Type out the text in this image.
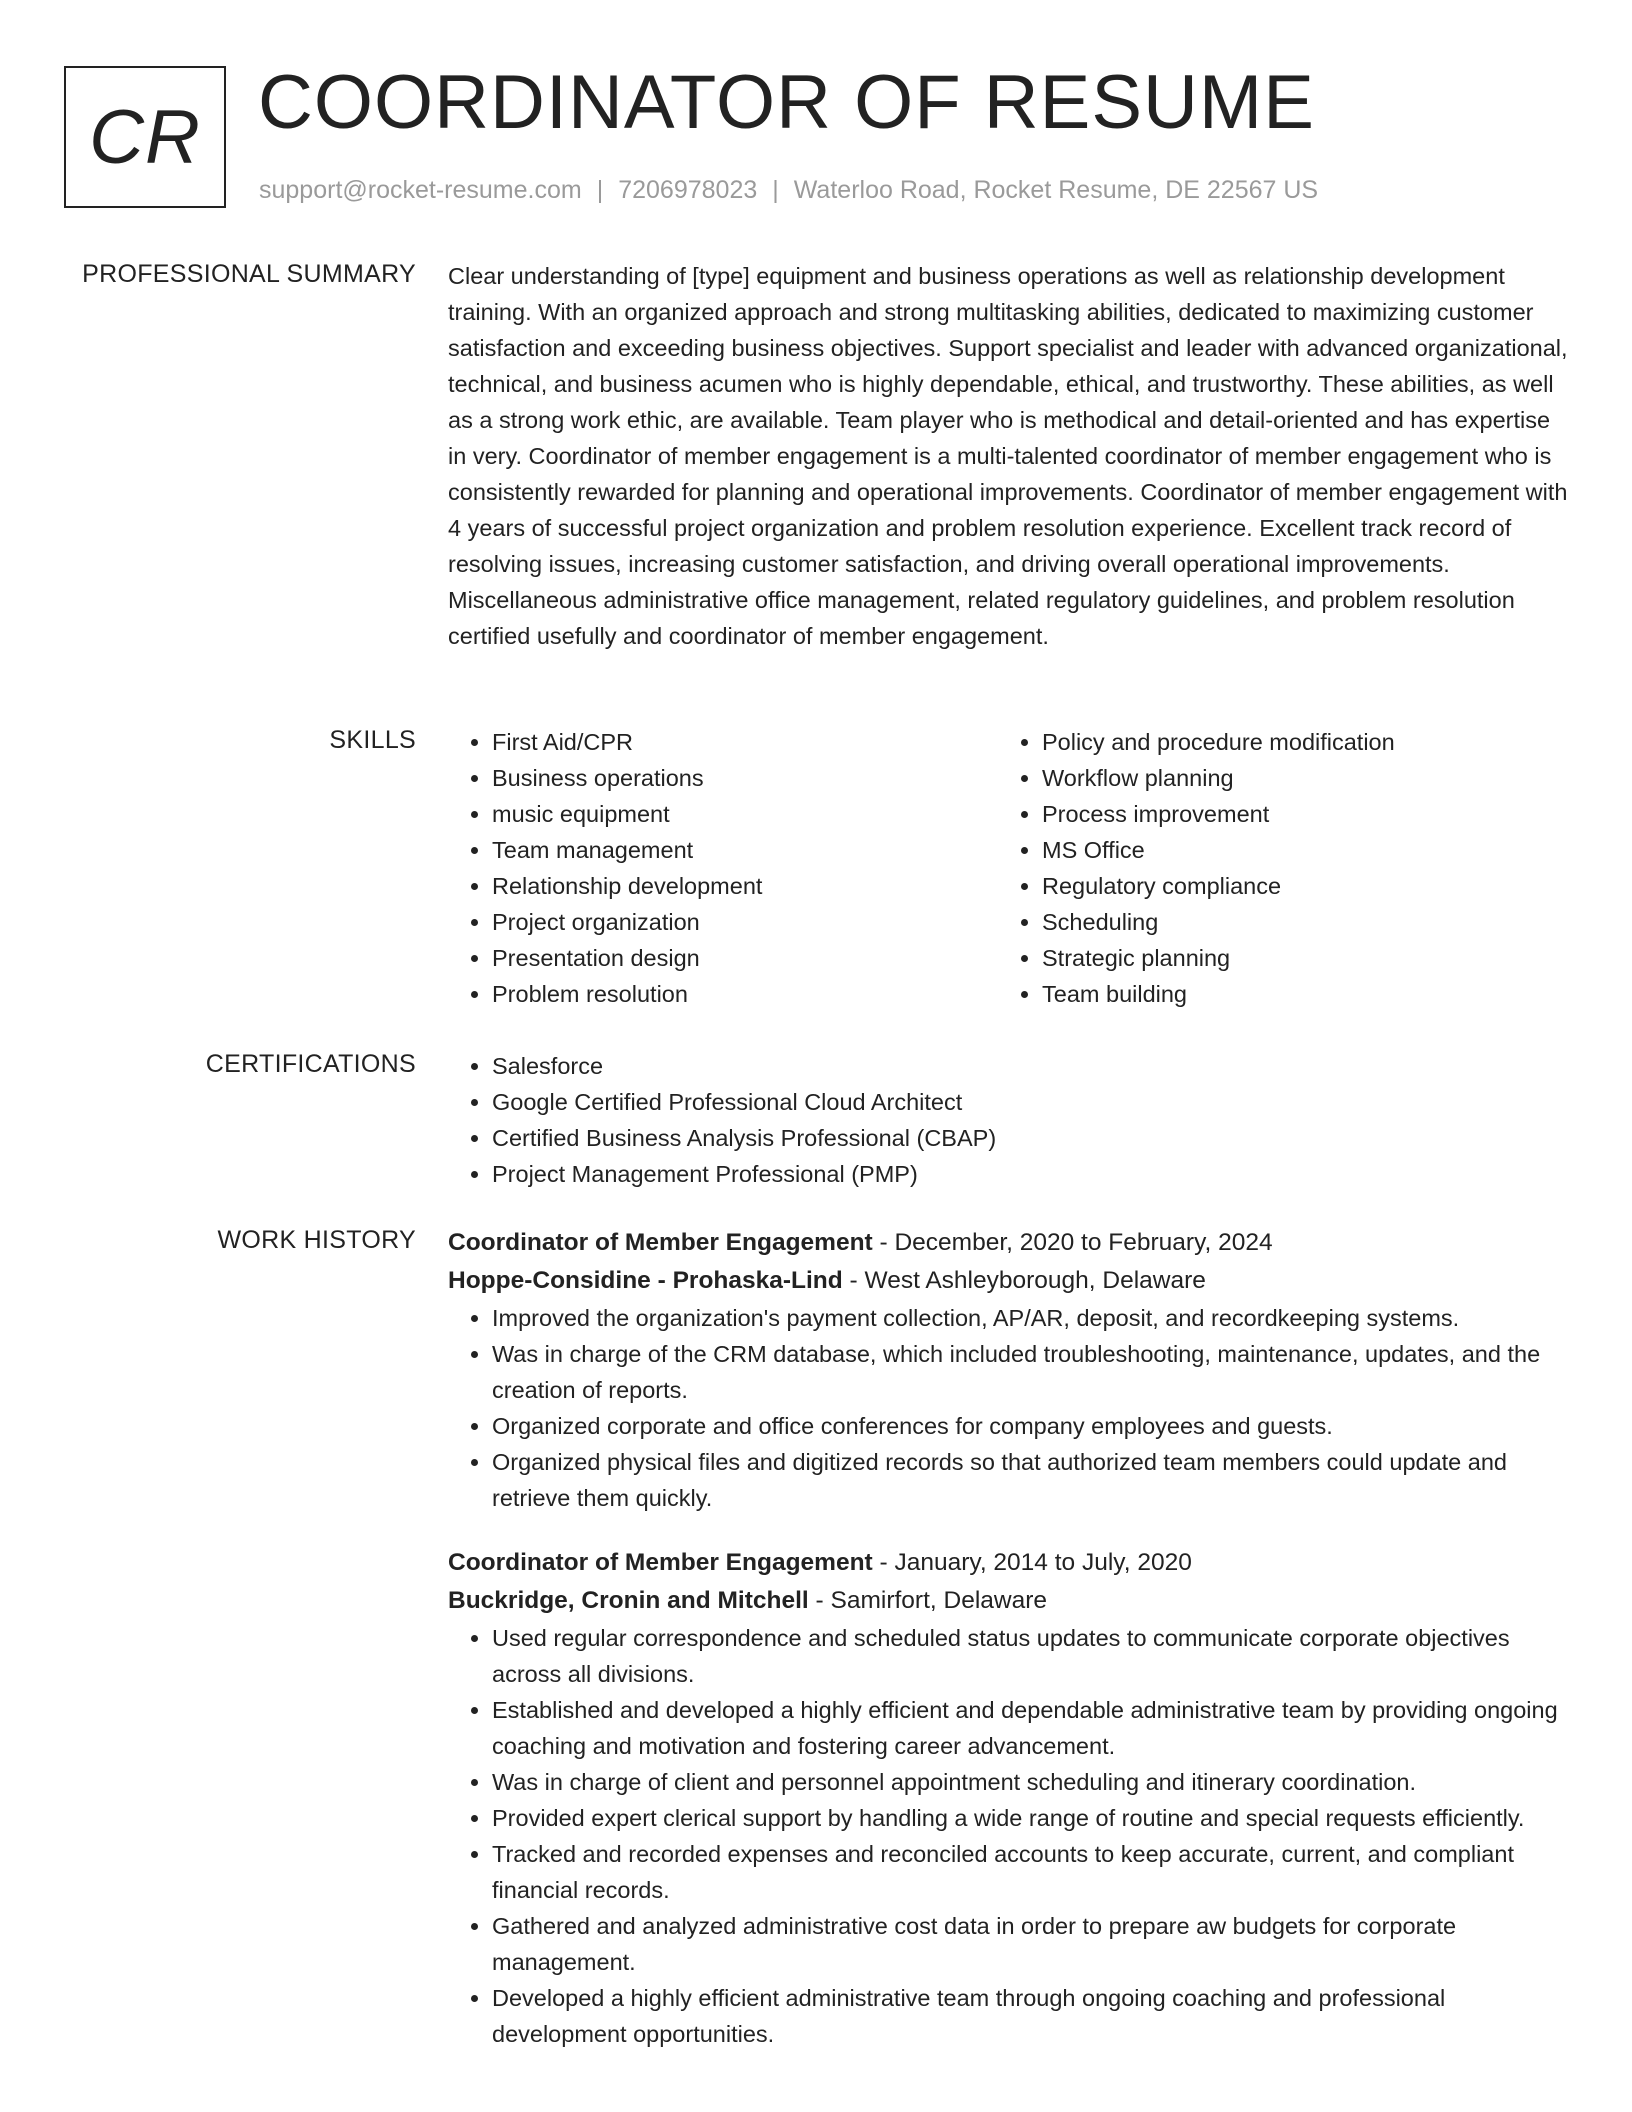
CR COORDINATOR OF RESUME
support@rocket-resume.com | 7206978023 | Waterloo Road, Rocket Resume, DE 22567 US
PROFESSIONAL SUMMARY Clear understanding of [type] equipment and business operations as well as relationship development training. With an organized approach and strong multitasking abilities, dedicated to maximizing customer satisfaction and exceeding business objectives. Support specialist and leader with advanced organizational, technical, and business acumen who is highly dependable, ethical, and trustworthy. These abilities, as well as a strong work ethic, are available. Team player who is methodical and detail-oriented and has expertise in very. Coordinator of member engagement is a multi-talented coordinator of member engagement who is consistently rewarded for planning and operational improvements. Coordinator of member engagement with 4 years of successful project organization and problem resolution experience. Excellent track record of resolving issues, increasing customer satisfaction, and driving overall operational improvements. Miscellaneous administrative office management, related regulatory guidelines, and problem resolution certified usefully and coordinator of member engagement.

SKILLS	• First Aid/CPR
• Business operations
• music equipment
• Team management
• Relationship development
• Project organization
• Presentation design
• Problem resolution
• Policy and procedure modification
• Workflow planning
• Process improvement
• MS Office
• Regulatory compliance
• Scheduling
• Strategic planning
• Team building
CERTIFICATIONS	• Salesforce
• Google Certified Professional Cloud Architect
• Certified Business Analysis Professional (CBAP)
• Project Management Professional (PMP)
WORK HISTORY Coordinator of Member Engagement - December, 2020 to February, 2024
Hoppe-Considine - Prohaska-Lind - West Ashleyborough, Delaware
• Improved the organization's payment collection, AP/AR, deposit, and recordkeeping systems.
• Was in charge of the CRM database, which included troubleshooting, maintenance, updates, and the creation of reports.
• Organized corporate and office conferences for company employees and guests.
• Organized physical files and digitized records so that authorized team members could update and retrieve them quickly.
Coordinator of Member Engagement - January, 2014 to July, 2020
Buckridge, Cronin and Mitchell - Samirfort, Delaware
• Used regular correspondence and scheduled status updates to communicate corporate objectives across all divisions.
• Established and developed a highly efficient and dependable administrative team by providing ongoing coaching and motivation and fostering career advancement.
• Was in charge of client and personnel appointment scheduling and itinerary coordination.
• Provided expert clerical support by handling a wide range of routine and special requests efficiently.
• Tracked and recorded expenses and reconciled accounts to keep accurate, current, and compliant financial records.
• Gathered and analyzed administrative cost data in order to prepare aw budgets for corporate management.
• Developed a highly efficient administrative team through ongoing coaching and professional development opportunities.
